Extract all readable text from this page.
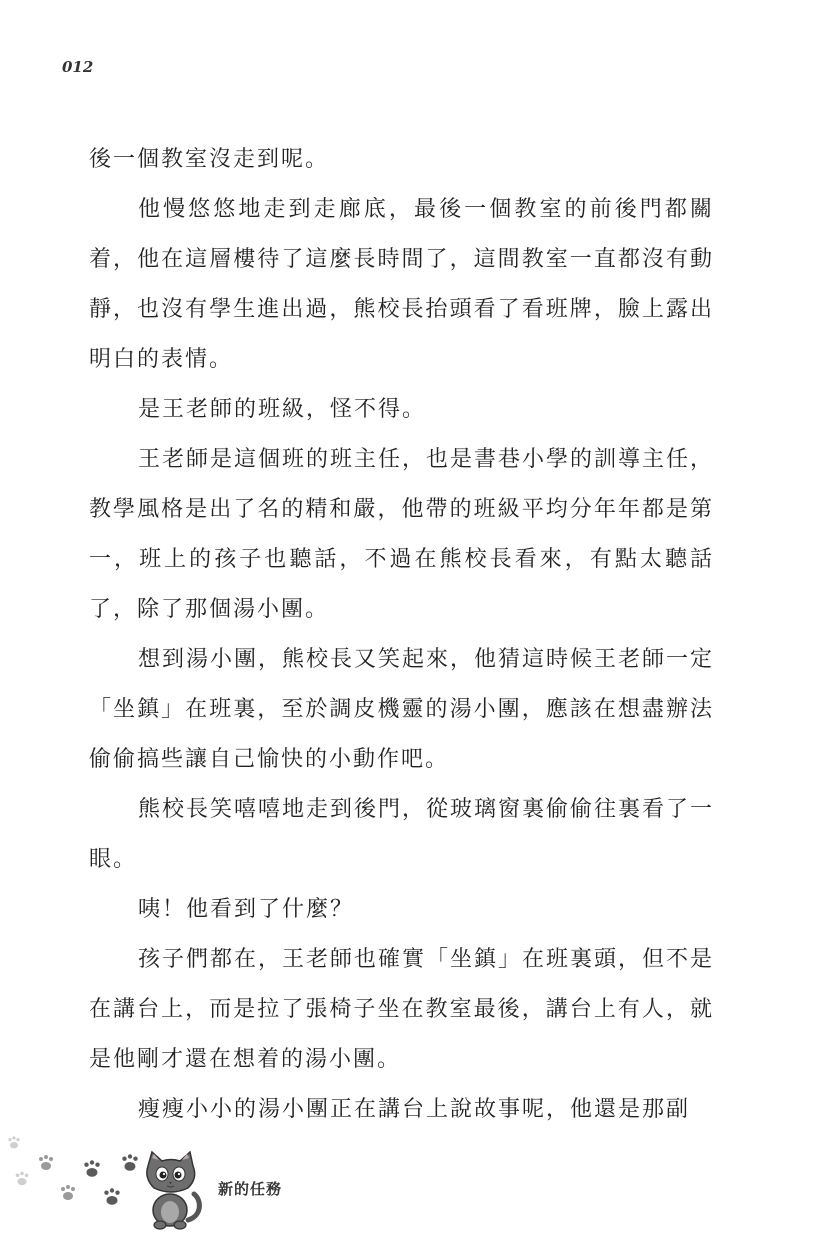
012

後一個教室沒走到呢。

他慢悠悠地走到走廊底，最後一個教室的前後門都關着，他在這層樓待了這麼長時間了，這間教室一直都沒有動靜，也沒有學生進出過，熊校長抬頭看了看班牌，臉上露出明白的表情。

是王老師的班級，怪不得。

王老師是這個班的班主任，也是書巷小學的訓導主任，教學風格是出了名的精和嚴，他帶的班級平均分年年都是第一，班上的孩子也聽話，不過在熊校長看來，有點太聽話了，除了那個湯小團。

想到湯小團，熊校長又笑起來，他猜這時候王老師一定「坐鎮」在班裏，至於調皮機靈的湯小團，應該在想盡辦法偷偷搞些讓自己愉快的小動作吧。

熊校長笑嘻嘻地走到後門，從玻璃窗裏偷偷往裏看了一眼。

咦！他看到了什麼？

孩子們都在，王老師也確實「坐鎮」在班裏頭，但不是在講台上，而是拉了張椅子坐在教室最後，講台上有人，就是他剛才還在想着的湯小團。

瘦瘦小小的湯小團正在講台上說故事呢，他還是那副

新的任務
